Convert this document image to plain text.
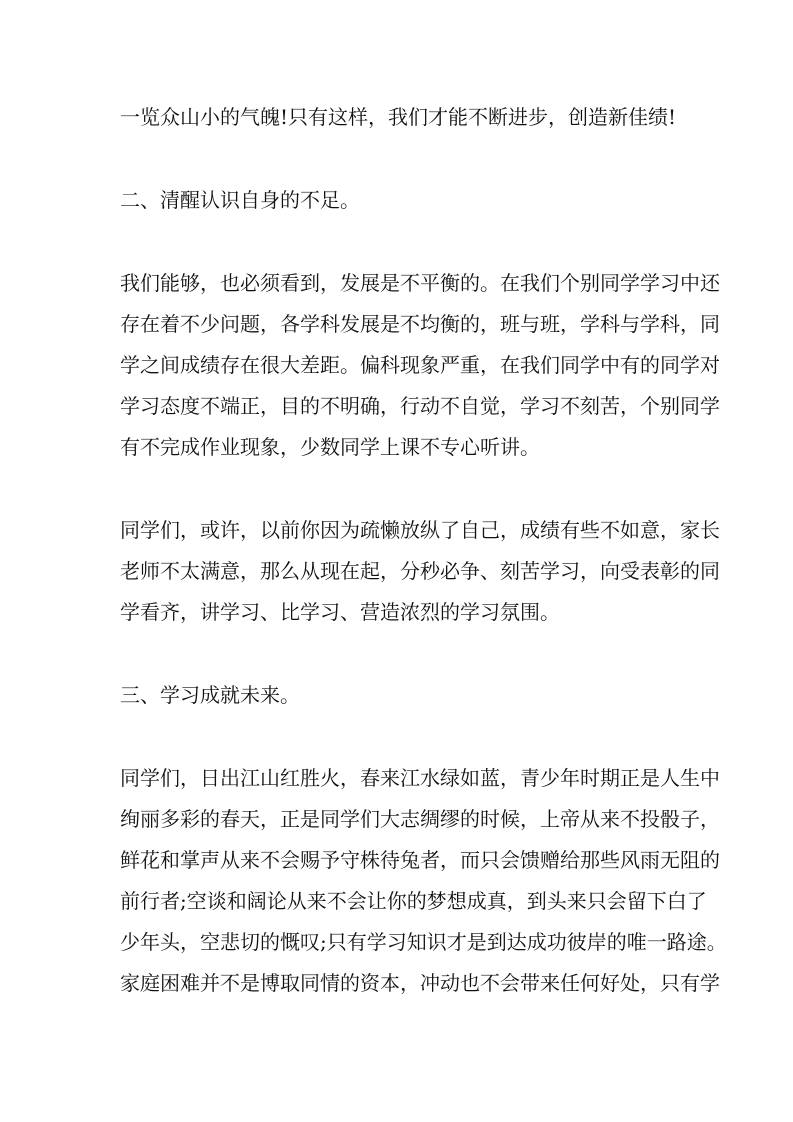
一览众山小的气魄!只有这样，我们才能不断进步，创造新佳绩!
二、清醒认识自身的不足。
我们能够，也必须看到，发展是不平衡的。在我们个别同学学习中还
存在着不少问题，各学科发展是不均衡的，班与班，学科与学科，同
学之间成绩存在很大差距。偏科现象严重，在我们同学中有的同学对
学习态度不端正，目的不明确，行动不自觉，学习不刻苦，个别同学
有不完成作业现象，少数同学上课不专心听讲。
同学们，或许，以前你因为疏懒放纵了自己，成绩有些不如意，家长
老师不太满意，那么从现在起，分秒必争、刻苦学习，向受表彰的同
学看齐，讲学习、比学习、营造浓烈的学习氛围。
三、学习成就未来。
同学们，日出江山红胜火，春来江水绿如蓝，青少年时期正是人生中
绚丽多彩的春天，正是同学们大志绸缪的时候，上帝从来不投骰子，
鲜花和掌声从来不会赐予守株待兔者，而只会馈赠给那些风雨无阻的
前行者;空谈和阔论从来不会让你的梦想成真，到头来只会留下白了
少年头，空悲切的慨叹;只有学习知识才是到达成功彼岸的唯一路途。
家庭困难并不是博取同情的资本，冲动也不会带来任何好处，只有学
